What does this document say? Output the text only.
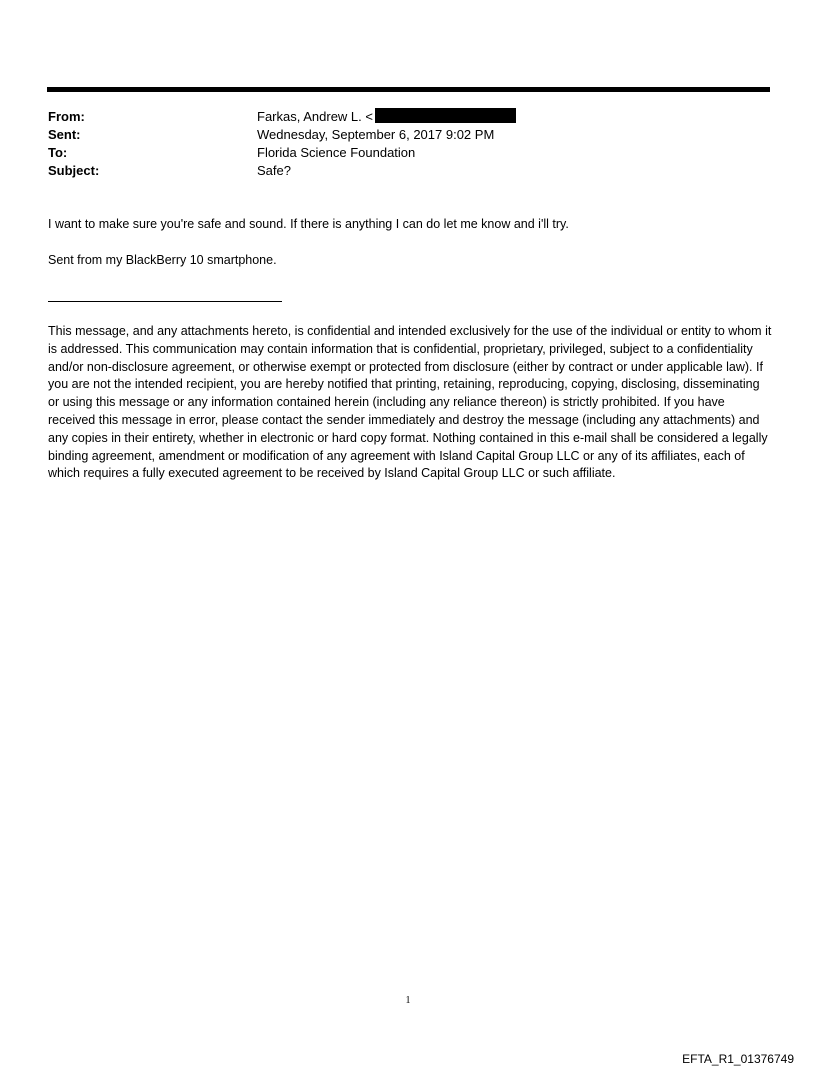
From:	Farkas, Andrew L. <
Sent:	Wednesday, September 6, 2017 9:02 PM
To:	Florida Science Foundation
Subject:	Safe?
I want to make sure you're safe and sound. If there is anything I can do let me know and i'll try.
Sent from my BlackBerry 10 smartphone.
This message, and any attachments hereto, is confidential and intended exclusively for the use of the individual or entity to whom it is addressed. This communication may contain information that is confidential, proprietary, privileged, subject to a confidentiality and/or non-disclosure agreement, or otherwise exempt or protected from disclosure (either by contract or under applicable law). If you are not the intended recipient, you are hereby notified that printing, retaining, reproducing, copying, disclosing, disseminating or using this message or any information contained herein (including any reliance thereon) is strictly prohibited. If you have received this message in error, please contact the sender immediately and destroy the message (including any attachments) and any copies in their entirety, whether in electronic or hard copy format. Nothing contained in this e-mail shall be considered a legally binding agreement, amendment or modification of any agreement with Island Capital Group LLC or any of its affiliates, each of which requires a fully executed agreement to be received by Island Capital Group LLC or such affiliate.
1
EFTA_R1_01376749
